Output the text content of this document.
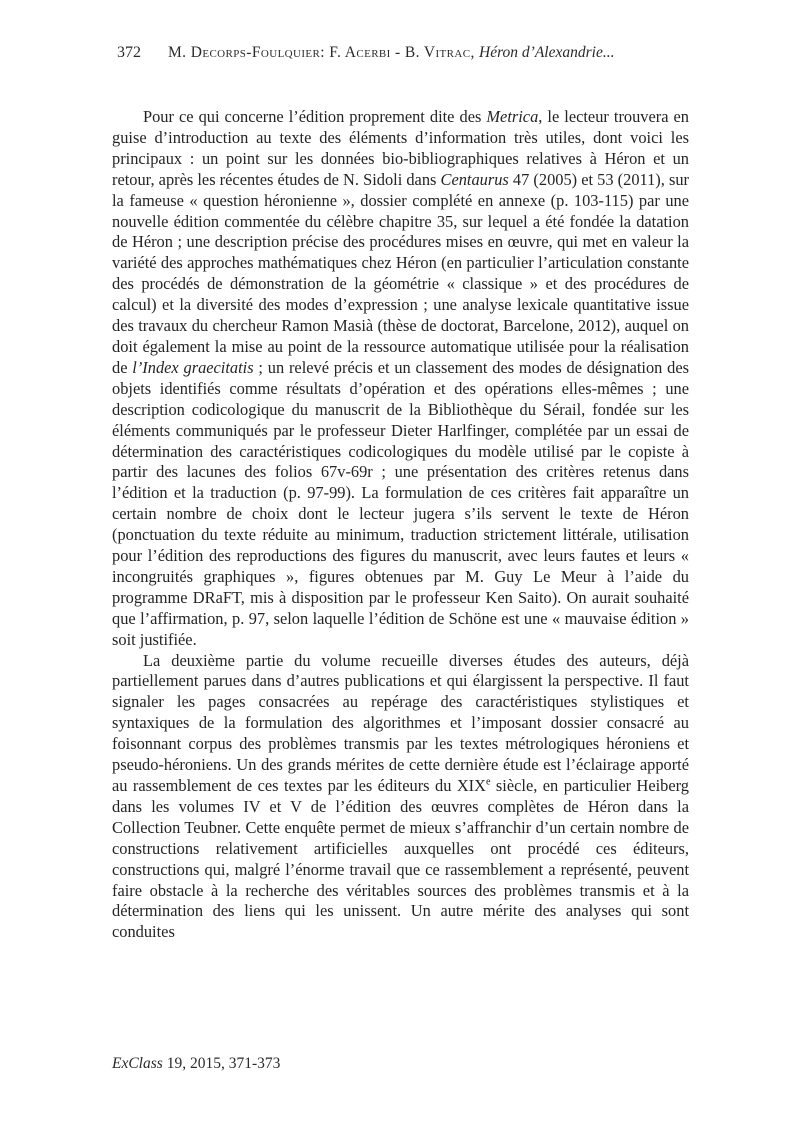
372 M. Decorps-Foulquier: F. Acerbi - B. Vitrac, Héron d’Alexandrie...

Pour ce qui concerne l’édition proprement dite des Metrica, le lecteur trouvera en guise d’introduction au texte des éléments d’information très utiles, dont voici les principaux : un point sur les données bio-bibliographiques relatives à Héron et un retour, après les récentes études de N. Sidoli dans Centaurus 47 (2005) et 53 (2011), sur la fameuse « question héronienne », dossier complété en annexe (p. 103-115) par une nouvelle édition commentée du célèbre chapitre 35, sur lequel a été fondée la datation de Héron ; une description précise des procédures mises en œuvre, qui met en valeur la variété des approches mathématiques chez Héron (en particulier l’articulation constante des procédés de démonstration de la géométrie « classique » et des procédures de calcul) et la diversité des modes d’expression ; une analyse lexicale quantitative issue des travaux du chercheur Ramon Masià (thèse de doctorat, Barcelone, 2012), auquel on doit également la mise au point de la ressource automatique utilisée pour la réalisation de l’Index graecitatis ; un relevé précis et un classement des modes de désignation des objets identifiés comme résultats d’opération et des opérations elles-mêmes ; une description codicologique du manuscrit de la Bibliothèque du Sérail, fondée sur les éléments communiqués par le professeur Dieter Harlfinger, complétée par un essai de détermination des caractéristiques codicologiques du modèle utilisé par le copiste à partir des lacunes des folios 67v-69r ; une présentation des critères retenus dans l’édition et la traduction (p. 97-99). La formulation de ces critères fait apparaître un certain nombre de choix dont le lecteur jugera s’ils servent le texte de Héron (ponctuation du texte réduite au minimum, traduction strictement littérale, utilisation pour l’édition des reproductions des figures du manuscrit, avec leurs fautes et leurs « incongruités graphiques », figures obtenues par M. Guy Le Meur à l’aide du programme DRaFT, mis à disposition par le professeur Ken Saito). On aurait souhaité que l’affirmation, p. 97, selon laquelle l’édition de Schöne est une « mauvaise édition » soit justifiée.

La deuxième partie du volume recueille diverses études des auteurs, déjà partiellement parues dans d’autres publications et qui élargissent la perspective. Il faut signaler les pages consacrées au repérage des caractéristiques stylistiques et syntaxiques de la formulation des algorithmes et l’imposant dossier consacré au foisonnant corpus des problèmes transmis par les textes métrologiques héroniens et pseudo-héroniens. Un des grands mérites de cette dernière étude est l’éclairage apporté au rassemblement de ces textes par les éditeurs du XIXe siècle, en particulier Heiberg dans les volumes IV et V de l’édition des œuvres complètes de Héron dans la Collection Teubner. Cette enquête permet de mieux s’affranchir d’un certain nombre de constructions relativement artificielles auxquelles ont procédé ces éditeurs, constructions qui, malgré l’énorme travail que ce rassemblement a représenté, peuvent faire obstacle à la recherche des véritables sources des problèmes transmis et à la détermination des liens qui les unissent. Un autre mérite des analyses qui sont conduites

ExClass 19, 2015, 371-373
